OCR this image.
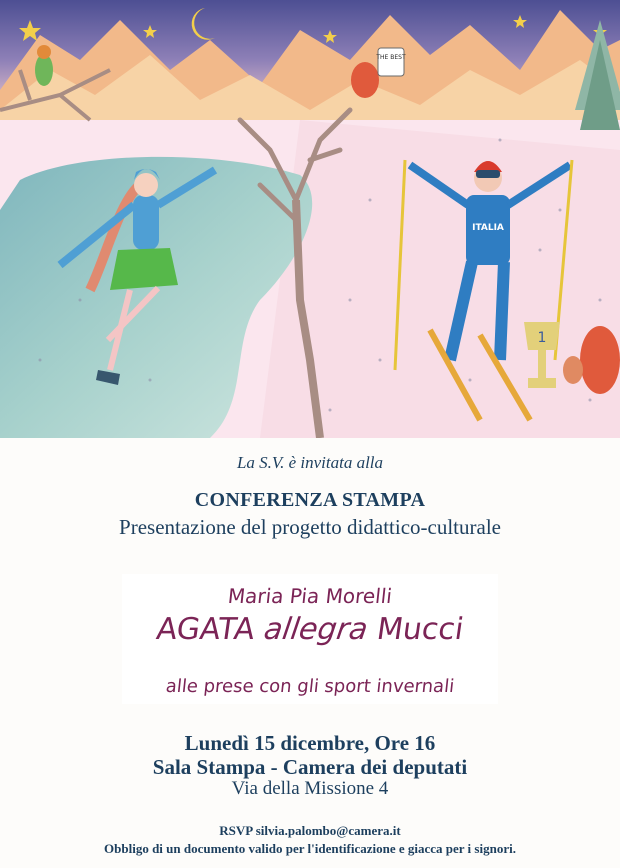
THE BEST
ITALIA
1
La S.V. è invitata alla
CONFERENZA STAMPA
Presentazione del progetto didattico-culturale
Maria Pia Morelli
AGATA allegra Mucci
alle prese con gli sport invernali
Lunedì 15 dicembre, Ore 16
Sala Stampa - Camera dei deputati
Via della Missione 4
RSVP silvia.palombo@camera.it
Obbligo di un documento valido per l'identificazione e giacca per i signori.
